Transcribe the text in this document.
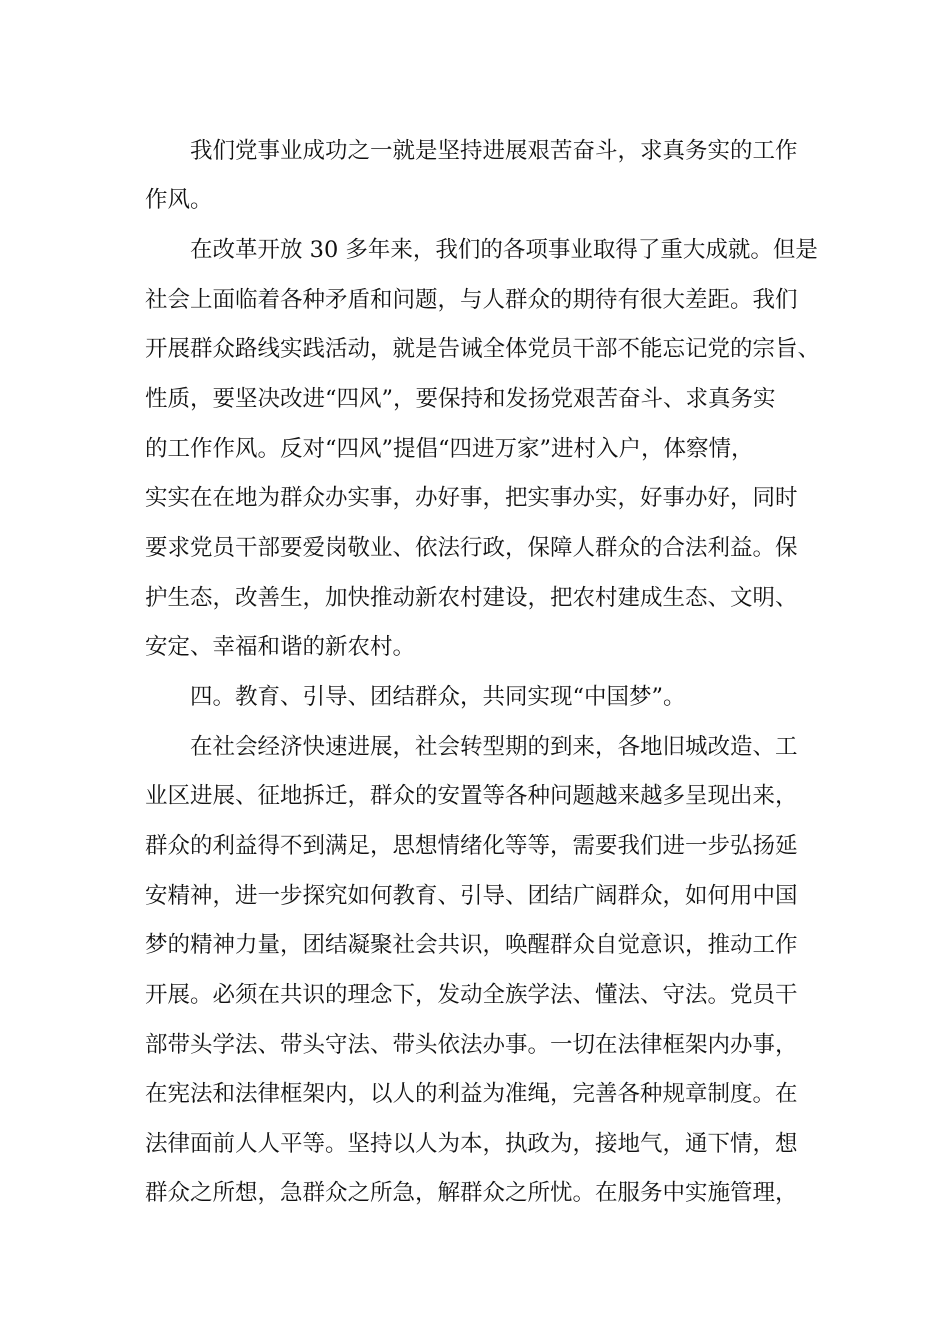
我们党事业成功之一就是坚持进展艰苦奋斗，求真务实的工作
作风。
在改革开放 30 多年来，我们的各项事业取得了重大成就。但是
社会上面临着各种矛盾和问题，与人群众的期待有很大差距。我们
开展群众路线实践活动，就是告诫全体党员干部不能忘记党的宗旨、
性质，要坚决改进“四风”，要保持和发扬党艰苦奋斗、求真务实
的工作作风。反对“四风”提倡“四进万家”进村入户，体察情，
实实在在地为群众办实事，办好事，把实事办实，好事办好，同时
要求党员干部要爱岗敬业、依法行政，保障人群众的合法利益。保
护生态，改善生，加快推动新农村建设，把农村建成生态、文明、
安定、幸福和谐的新农村。
四。教育、引导、团结群众，共同实现“中国梦”。
在社会经济快速进展，社会转型期的到来，各地旧城改造、工
业区进展、征地拆迁，群众的安置等各种问题越来越多呈现出来，
群众的利益得不到满足，思想情绪化等等，需要我们进一步弘扬延
安精神，进一步探究如何教育、引导、团结广阔群众，如何用中国
梦的精神力量，团结凝聚社会共识，唤醒群众自觉意识，推动工作
开展。必须在共识的理念下，发动全族学法、懂法、守法。党员干
部带头学法、带头守法、带头依法办事。一切在法律框架内办事，
在宪法和法律框架内，以人的利益为准绳，完善各种规章制度。在
法律面前人人平等。坚持以人为本，执政为，接地气，通下情，想
群众之所想，急群众之所急，解群众之所忧。在服务中实施管理，
